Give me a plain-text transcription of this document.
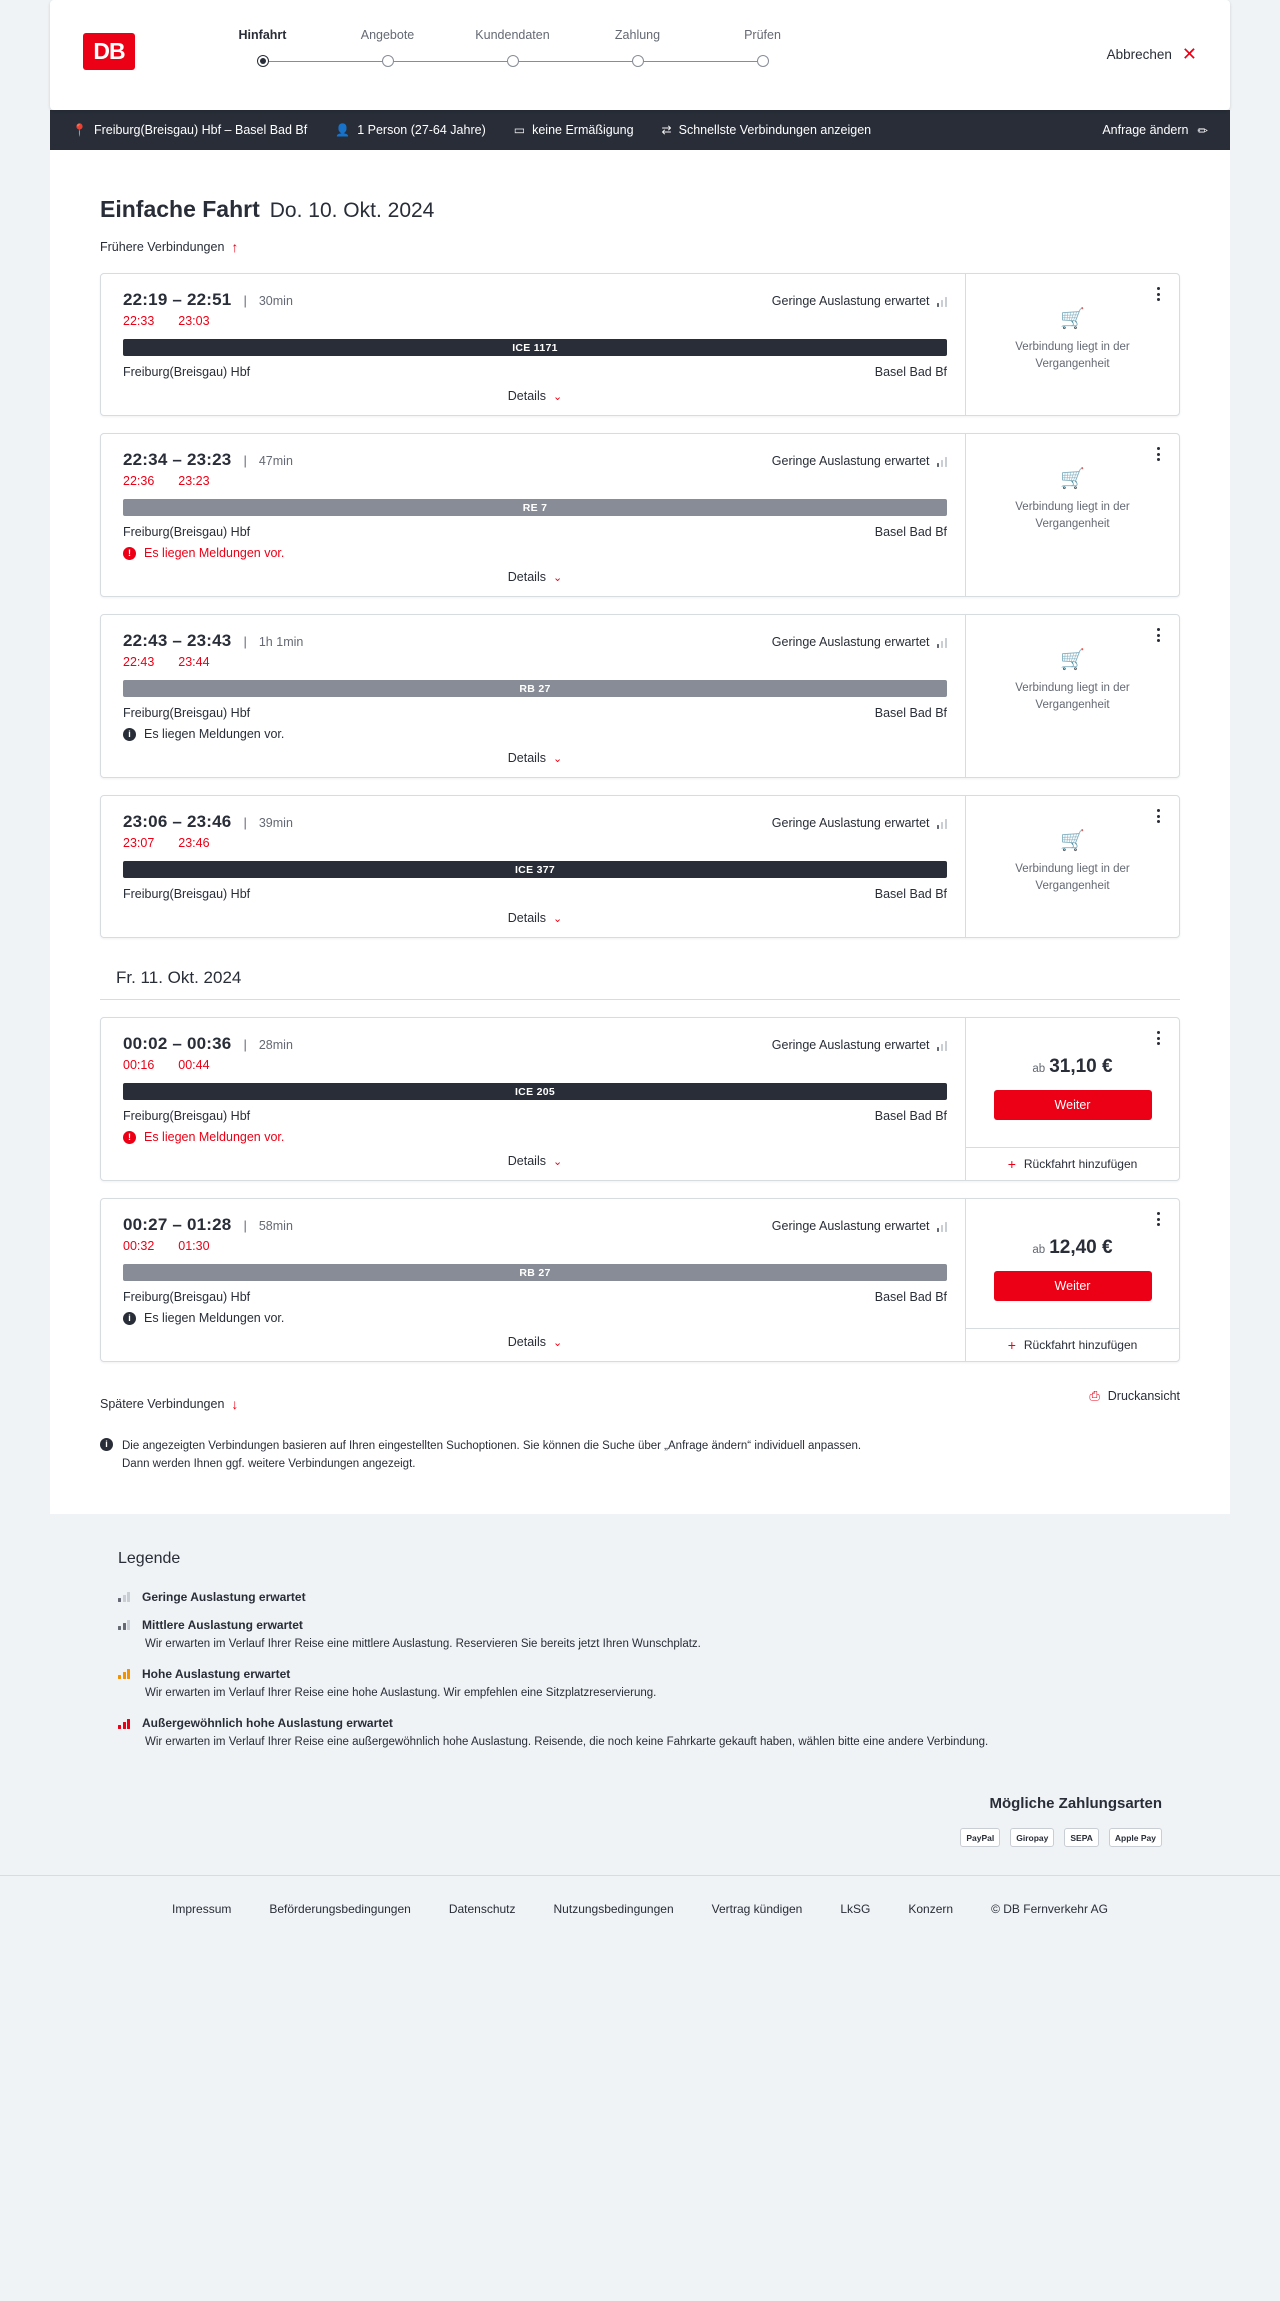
DB
Hinfahrt	Angebote	Kundendaten	Zahlung	Prüfen
Abbrechen ✕
📍 Freiburg(Breisgau) Hbf – Basel Bad Bf 👤 1 Person (27-64 Jahre) ▭ keine Ermäßigung ⇄ Schnellste Verbindungen anzeigen	Anfrage ändern ✏
Einfache Fahrt Do. 10. Okt. 2024
Frühere Verbindungen ↑
22:19 – 22:51 | 30min	Geringe Auslastung erwartet
22:33 23:03
ICE 1171
Freiburg(Breisgau) Hbf	Basel Bad Bf
Details ⌄
🛒
Verbindung liegt in der Vergangenheit
22:34 – 23:23 | 47min	Geringe Auslastung erwartet
22:36 23:23
RE 7
Freiburg(Breisgau) Hbf	Basel Bad Bf
!	Es liegen Meldungen vor.
Details ⌄
🛒
Verbindung liegt in der Vergangenheit
22:43 – 23:43 | 1h 1min	Geringe Auslastung erwartet
22:43 23:44
RB 27
Freiburg(Breisgau) Hbf	Basel Bad Bf
i	Es liegen Meldungen vor.
Details ⌄
🛒
Verbindung liegt in der Vergangenheit
23:06 – 23:46 | 39min	Geringe Auslastung erwartet
23:07 23:46
ICE 377
Freiburg(Breisgau) Hbf	Basel Bad Bf
Details ⌄
🛒
Verbindung liegt in der Vergangenheit
Fr. 11. Okt. 2024
00:02 – 00:36 | 28min	Geringe Auslastung erwartet
00:16 00:44
ICE 205
Freiburg(Breisgau) Hbf	Basel Bad Bf
!	Es liegen Meldungen vor.
Details ⌄
ab 31,10 €
Weiter
+ Rückfahrt hinzufügen
00:27 – 01:28 | 58min	Geringe Auslastung erwartet
00:32 01:30
RB 27
Freiburg(Breisgau) Hbf	Basel Bad Bf
i	Es liegen Meldungen vor.
Details ⌄
ab 12,40 €
Weiter
+ Rückfahrt hinzufügen
Spätere Verbindungen ↓
⎙ Druckansicht
i	Die angezeigten Verbindungen basieren auf Ihren eingestellten Suchoptionen. Sie können die Suche über „Anfrage ändern“ individuell anpassen. Dann werden Ihnen ggf. weitere Verbindungen angezeigt.
Legende
Geringe Auslastung erwartet
Mittlere Auslastung erwartet
Wir erwarten im Verlauf Ihrer Reise eine mittlere Auslastung. Reservieren Sie bereits jetzt Ihren Wunschplatz.
Hohe Auslastung erwartet
Wir erwarten im Verlauf Ihrer Reise eine hohe Auslastung. Wir empfehlen eine Sitzplatzreservierung.
Außergewöhnlich hohe Auslastung erwartet
Wir erwarten im Verlauf Ihrer Reise eine außergewöhnlich hohe Auslastung. Reisende, die noch keine Fahrkarte gekauft haben, wählen bitte eine andere Verbindung.
Mögliche Zahlungsarten
PayPal	Giropay	SEPA	Apple Pay
Impressum	Beförderungsbedingungen	Datenschutz	Nutzungsbedingungen	Vertrag kündigen	LkSG	Konzern	© DB Fernverkehr AG
